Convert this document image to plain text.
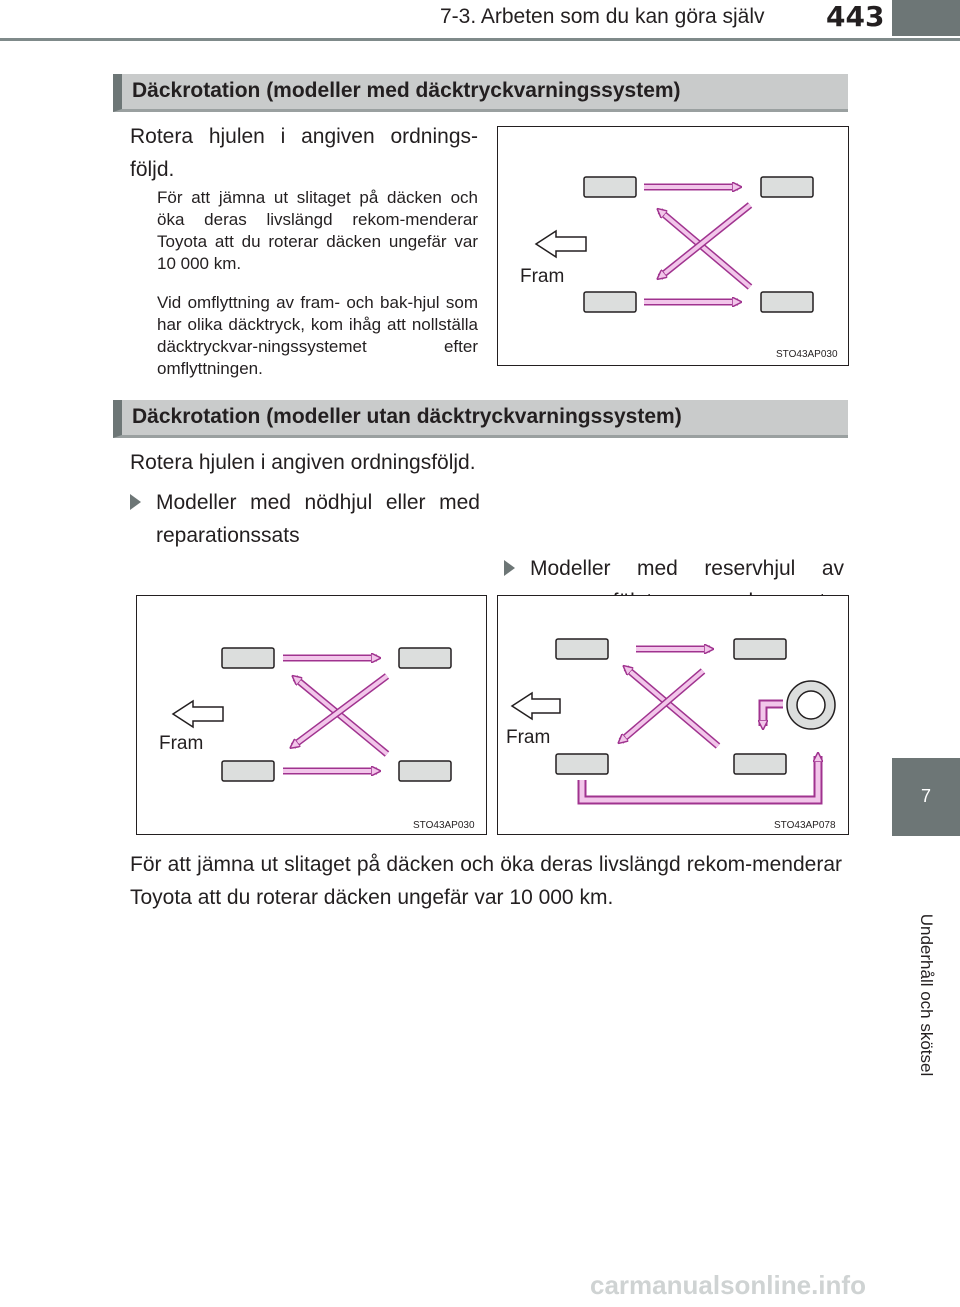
7-3. Arbeten som du kan göra själv 443
7
Underhåll och skötsel
Däckrotation (modeller med däcktryckvarningssystem)
Rotera hjulen i angiven ordnings-följd.
För att jämna ut slitaget på däcken och öka deras livslängd rekom-menderar Toyota att du roterar däcken ungefär var 10 000 km.
Vid omflyttning av fram- och bak-hjul som har olika däcktryck, kom ihåg att nollställa däcktryckvar-ningssystemet efter omflyttningen.
Fram
STO43AP030
Däckrotation (modeller utan däcktryckvarningssystem)
Rotera hjulen i angiven ordningsföljd.
Modeller med nödhjul eller med reparationssats
Modeller med reservhjul av
Fram
STO43AP030
Fram
STO43AP078
För att jämna ut slitaget på däcken och öka deras livslängd rekom-menderar Toyota att du roterar däcken ungefär var 10 000 km.
carmanualsonline.info
